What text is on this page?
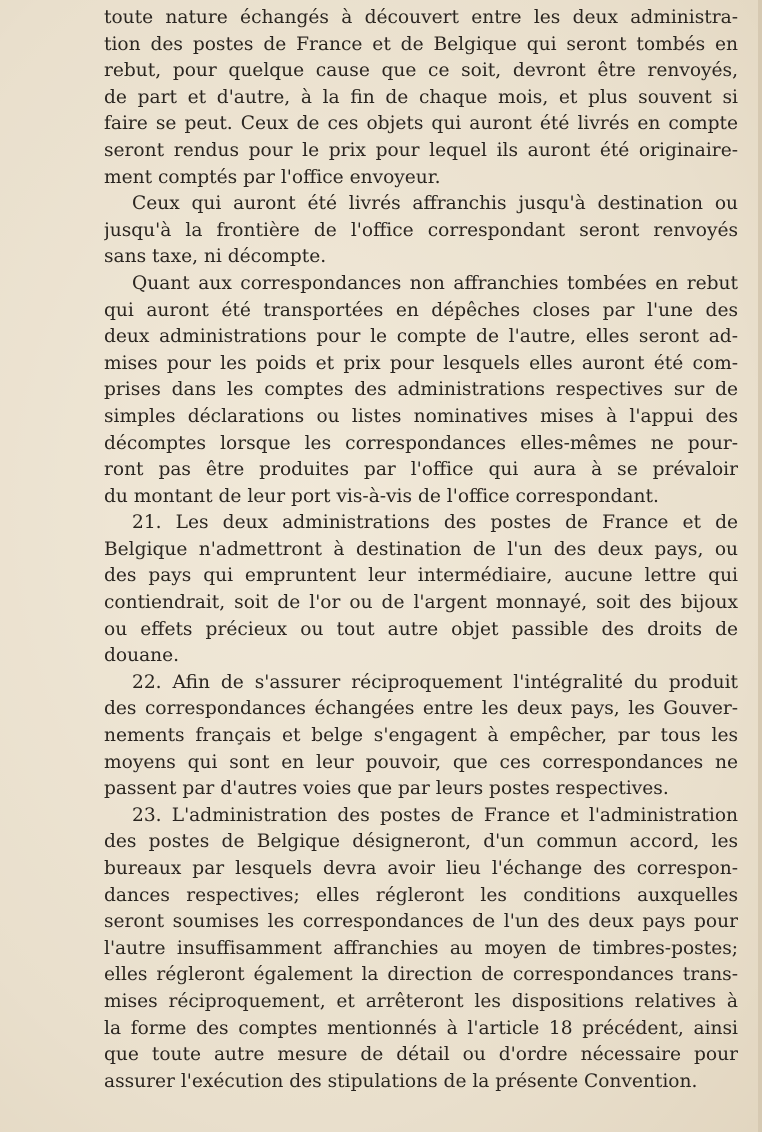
toute nature échangés à découvert entre les deux administra-
tion des postes de France et de Belgique qui seront tombés en
rebut, pour quelque cause que ce soit, devront être renvoyés,
de part et d'autre, à la fin de chaque mois, et plus souvent si
faire se peut. Ceux de ces objets qui auront été livrés en compte
seront rendus pour le prix pour lequel ils auront été originaire-
ment comptés par l'office envoyeur.

Ceux qui auront été livrés affranchis jusqu'à destination ou
jusqu'à la frontière de l'office correspondant seront renvoyés
sans taxe, ni décompte.

Quant aux correspondances non affranchies tombées en rebut
qui auront été transportées en dépêches closes par l'une des
deux administrations pour le compte de l'autre, elles seront ad-
mises pour les poids et prix pour lesquels elles auront été com-
prises dans les comptes des administrations respectives sur de
simples déclarations ou listes nominatives mises à l'appui des
décomptes lorsque les correspondances elles-mêmes ne pour-
ront pas être produites par l'office qui aura à se prévaloir
du montant de leur port vis-à-vis de l'office correspondant.

21. Les deux administrations des postes de France et de
Belgique n'admettront à destination de l'un des deux pays, ou
des pays qui empruntent leur intermédiaire, aucune lettre qui
contiendrait, soit de l'or ou de l'argent monnayé, soit des bijoux
ou effets précieux ou tout autre objet passible des droits de
douane.

22. Afin de s'assurer réciproquement l'intégralité du produit
des correspondances échangées entre les deux pays, les Gouver-
nements français et belge s'engagent à empêcher, par tous les
moyens qui sont en leur pouvoir, que ces correspondances ne
passent par d'autres voies que par leurs postes respectives.

23. L'administration des postes de France et l'administration
des postes de Belgique désigneront, d'un commun accord, les
bureaux par lesquels devra avoir lieu l'échange des correspon-
dances respectives; elles régleront les conditions auxquelles
seront soumises les correspondances de l'un des deux pays pour
l'autre insuffisamment affranchies au moyen de timbres-postes;
elles régleront également la direction de correspondances trans-
mises réciproquement, et arrêteront les dispositions relatives à
la forme des comptes mentionnés à l'article 18 précédent, ainsi
que toute autre mesure de détail ou d'ordre nécessaire pour
assurer l'exécution des stipulations de la présente Convention.
